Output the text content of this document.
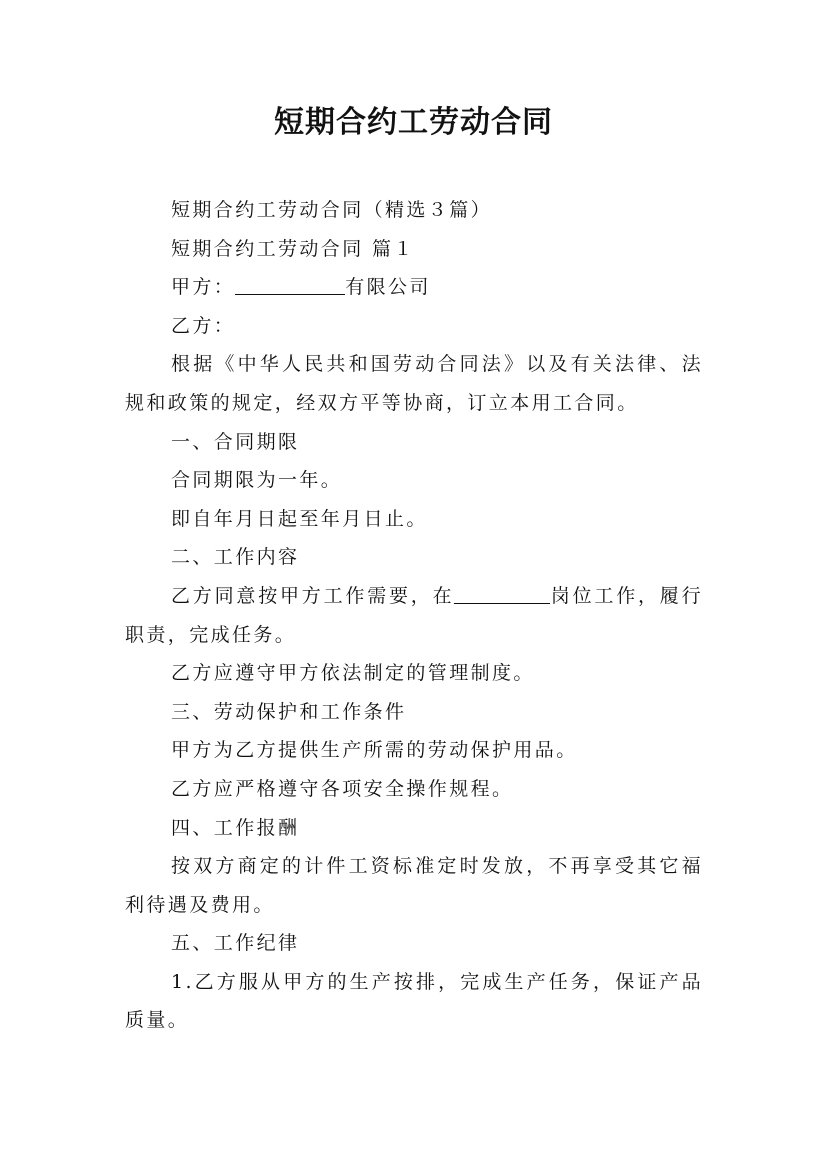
短期合约工劳动合同
短期合约工劳动合同（精选３篇）
短期合约工劳动合同 篇１
甲方：	有限公司
乙方：
根据《中华人民共和国劳动合同法》以及有关法律、法规和政策的规定，经双方平等协商，订立本用工合同。
一、合同期限
合同期限为一年。
即自年月日起至年月日止。
二、工作内容
乙方同意按甲方工作需要，在	岗位工作，履行职责，完成任务。
乙方应遵守甲方依法制定的管理制度。
三、劳动保护和工作条件
甲方为乙方提供生产所需的劳动保护用品。
乙方应严格遵守各项安全操作规程。
四、工作报酬
按双方商定的计件工资标准定时发放，不再享受其它福利待遇及费用。
五、工作纪律
1.乙方服从甲方的生产按排，完成生产任务，保证产品质量。
